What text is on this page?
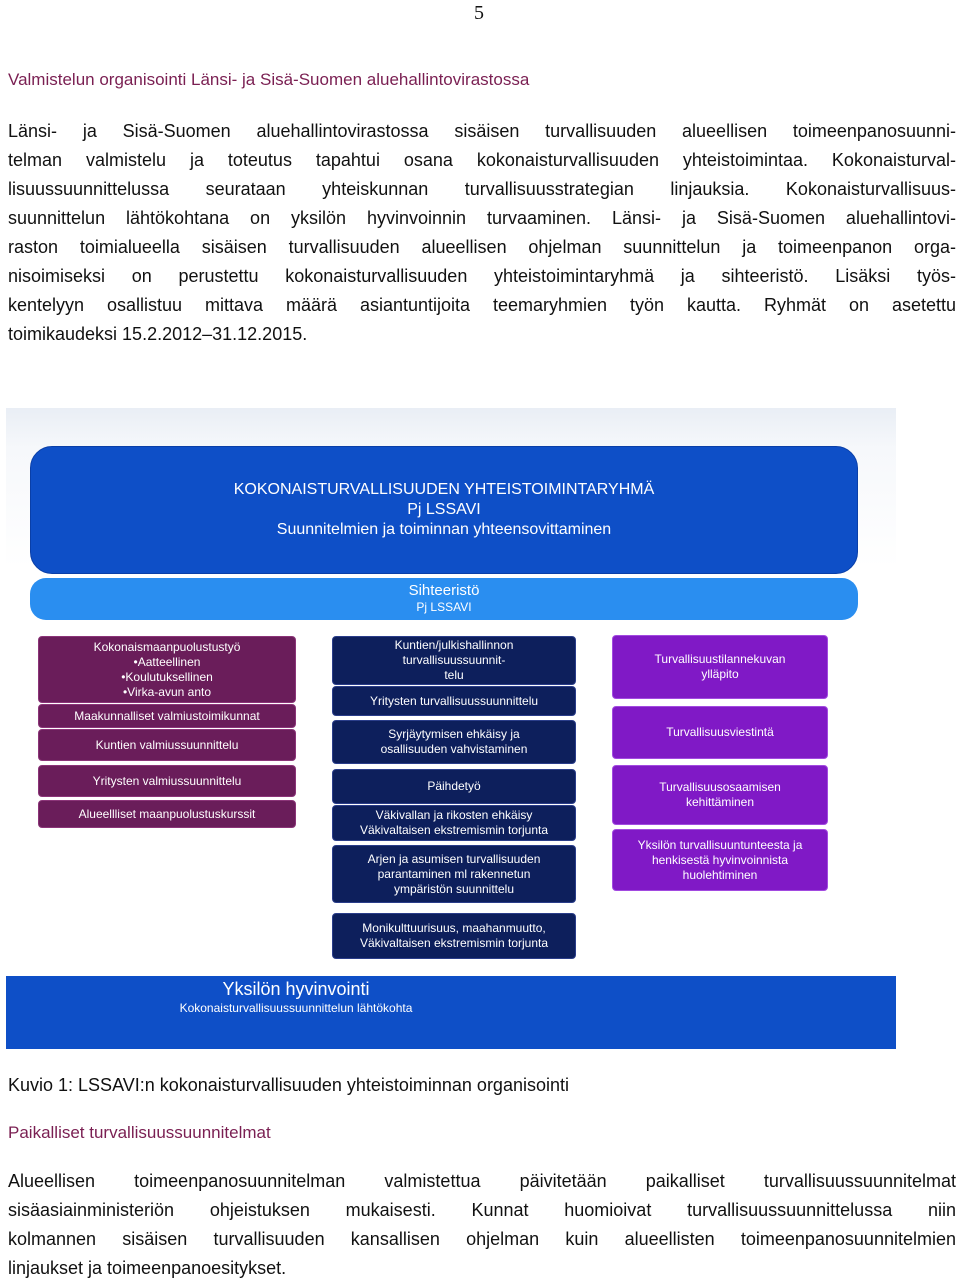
5
Valmistelun organisointi Länsi- ja Sisä-Suomen aluehallintovirastossa
Länsi- ja Sisä-Suomen aluehallintovirastossa sisäisen turvallisuuden alueellisen toimeenpanosuunni-
telman valmistelu ja toteutus tapahtui osana kokonaisturvallisuuden yhteistoimintaa. Kokonaisturval-
lisuussuunnittelussa seurataan yhteiskunnan turvallisuusstrategian linjauksia. Kokonaisturvallisuus-
suunnittelun lähtökohtana on yksilön hyvinvoinnin turvaaminen. Länsi- ja Sisä-Suomen aluehallintovi-
raston toimialueella sisäisen turvallisuuden alueellisen ohjelman suunnittelun ja toimeenpanon orga-
nisoimiseksi on perustettu kokonaisturvallisuuden yhteistoimintaryhmä ja sihteeristö. Lisäksi työs-
kentelyyn osallistuu mittava määrä asiantuntijoita teemaryhmien työn kautta. Ryhmät on asetettu
toimikaudeksi 15.2.2012–31.12.2015.
KOKONAISTURVALLISUUDEN YHTEISTOIMINTARYHMÄ
Pj LSSAVI
Suunnitelmien ja toiminnan yhteensovittaminen
Sihteeristö
Pj LSSAVI
Kokonaismaanpuolustustyö
•Aatteellinen
•Koulutuksellinen
•Virka-avun anto
Maakunnalliset valmiustoimikunnat
Kuntien valmiussuunnittelu
Yritysten valmiussuunnittelu
Alueellliset maanpuolustuskurssit
Kuntien/julkishallinnon
turvallisuussuunnit-
telu
Yritysten turvallisuussuunnittelu
Syrjäytymisen ehkäisy ja
osallisuuden vahvistaminen
Päihdetyö
Väkivallan ja rikosten ehkäisy
Väkivaltaisen ekstremismin torjunta
Arjen ja asumisen turvallisuuden
parantaminen ml rakennetun
ympäristön suunnittelu
Monikulttuurisuus, maahanmuutto,
Väkivaltaisen ekstremismin torjunta
Turvallisuustilannekuvan
ylläpito
Turvallisuusviestintä
Turvallisuusosaamisen
kehittäminen
Yksilön turvallisuuntunteesta ja
henkisestä hyvinvoinnista
huolehtiminen
Yksilön hyvinvointi
Kokonaisturvallisuussuunnittelun lähtökohta
Kuvio 1: LSSAVI:n kokonaisturvallisuuden yhteistoiminnan organisointi
Paikalliset turvallisuussuunnitelmat
Alueellisen toimeenpanosuunnitelman valmistettua päivitetään paikalliset turvallisuussuunnitelmat
sisäasiainministeriön ohjeistuksen mukaisesti. Kunnat huomioivat turvallisuussuunnittelussa niin
kolmannen sisäisen turvallisuuden kansallisen ohjelman kuin alueellisten toimeenpanosuunnitelmien
linjaukset ja toimeenpanoesitykset.
